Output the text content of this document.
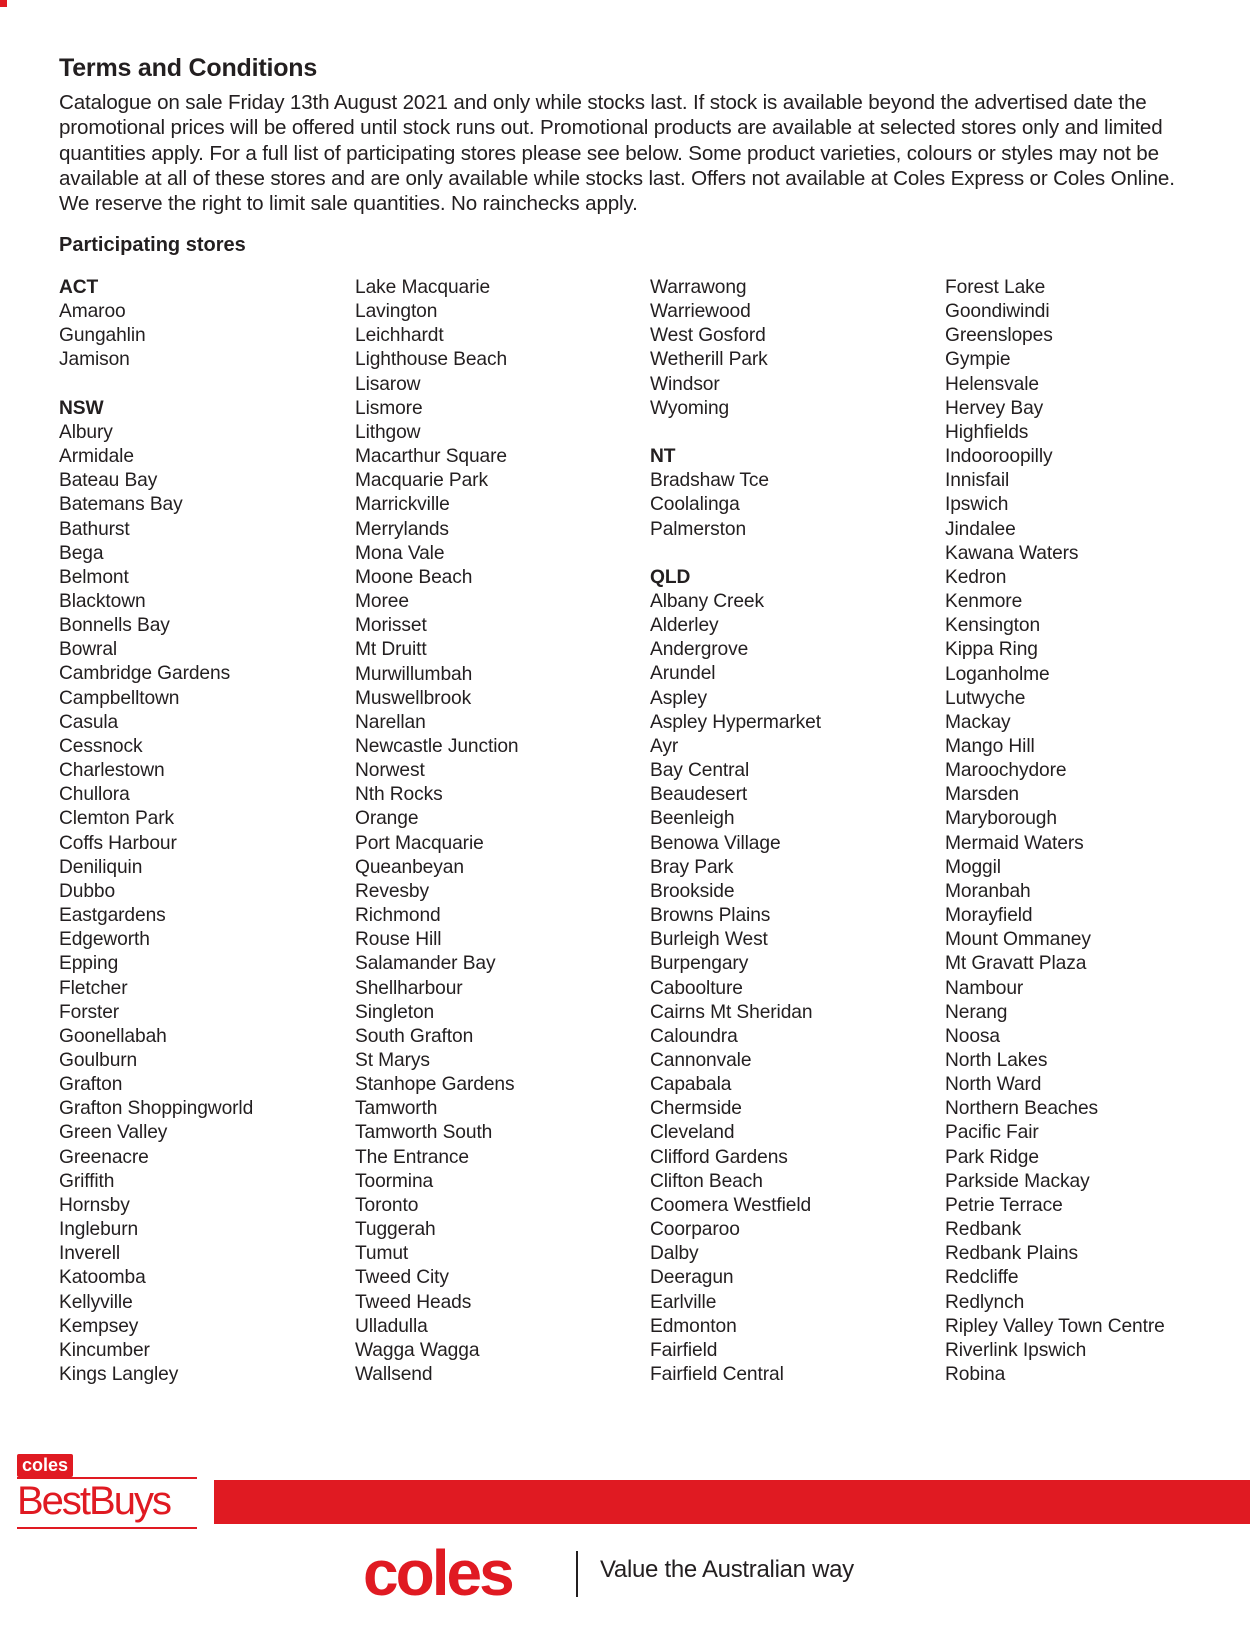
Terms and Conditions

Catalogue on sale Friday 13th August 2021 and only while stocks last. If stock is available beyond the advertised date the promotional prices will be offered until stock runs out. Promotional products are available at selected stores only and limited quantities apply. For a full list of participating stores please see below. Some product varieties, colours or styles may not be available at all of these stores and are only available while stocks last. Offers not available at Coles Express or Coles Online. We reserve the right to limit sale quantities. No rainchecks apply.

Participating stores
ACT
Amaroo
Gungahlin
Jamison
NSW
Albury
Armidale
Bateau Bay
Batemans Bay
Bathurst
Bega
Belmont
Blacktown
Bonnells Bay
Bowral
Cambridge Gardens
Campbelltown
Casula
Cessnock
Charlestown
Chullora
Clemton Park
Coffs Harbour
Deniliquin
Dubbo
Eastgardens
Edgeworth
Epping
Fletcher
Forster
Goonellabah
Goulburn
Grafton
Grafton Shoppingworld
Green Valley
Greenacre
Griffith
Hornsby
Ingleburn
Inverell
Katoomba
Kellyville
Kempsey
Kincumber
Kings Langley
Lake Macquarie
Lavington
Leichhardt
Lighthouse Beach
Lisarow
Lismore
Lithgow
Macarthur Square
Macquarie Park
Marrickville
Merrylands
Mona Vale
Moone Beach
Moree
Morisset
Mt Druitt
Murwillumbah
Muswellbrook
Narellan
Newcastle Junction
Norwest
Nth Rocks
Orange
Port Macquarie
Queanbeyan
Revesby
Richmond
Rouse Hill
Salamander Bay
Shellharbour
Singleton
South Grafton
St Marys
Stanhope Gardens
Tamworth
Tamworth South
The Entrance
Toormina
Toronto
Tuggerah
Tumut
Tweed City
Tweed Heads
Ulladulla
Wagga Wagga
Wallsend
Warrawong
Warriewood
West Gosford
Wetherill Park
Windsor
Wyoming
NT
Bradshaw Tce
Coolalinga
Palmerston
QLD
Albany Creek
Alderley
Andergrove
Arundel
Aspley
Aspley Hypermarket
Ayr
Bay Central
Beaudesert
Beenleigh
Benowa Village
Bray Park
Brookside
Browns Plains
Burleigh West
Burpengary
Caboolture
Cairns Mt Sheridan
Caloundra
Cannonvale
Capabala
Chermside
Cleveland
Clifford Gardens
Clifton Beach
Coomera Westfield
Coorparoo
Dalby
Deeragun
Earlville
Edmonton
Fairfield
Fairfield Central
Forest Lake
Goondiwindi
Greenslopes
Gympie
Helensvale
Hervey Bay
Highfields
Indooroopilly
Innisfail
Ipswich
Jindalee
Kawana Waters
Kedron
Kenmore
Kensington
Kippa Ring
Loganholme
Lutwyche
Mackay
Mango Hill
Maroochydore
Marsden
Maryborough
Mermaid Waters
Moggil
Moranbah
Morayfield
Mount Ommaney
Mt Gravatt Plaza
Nambour
Nerang
Noosa
North Lakes
North Ward
Northern Beaches
Pacific Fair
Park Ridge
Parkside Mackay
Petrie Terrace
Redbank
Redbank Plains
Redcliffe
Redlynch
Ripley Valley Town Centre
Riverlink Ipswich
Robina
coles
BestBuys
coles	Value the Australian way
